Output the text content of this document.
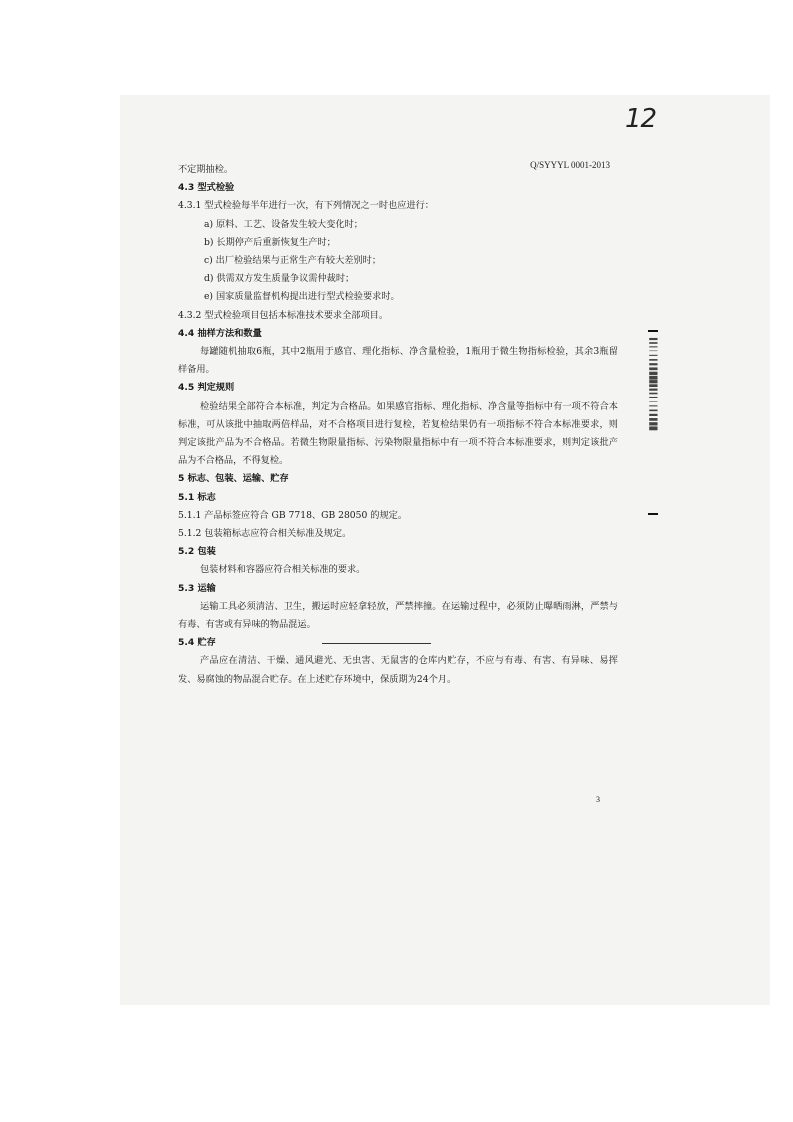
12
Q/SYYYL 0001-2013

不定期抽检。

4.3 型式检验

4.3.1 型式检验每半年进行一次，有下列情况之一时也应进行：

a) 原料、工艺、设备发生较大变化时；

b) 长期停产后重新恢复生产时；

c) 出厂检验结果与正常生产有较大差别时；

d) 供需双方发生质量争议需仲裁时；

e) 国家质量监督机构提出进行型式检验要求时。

4.3.2 型式检验项目包括本标准技术要求全部项目。

4.4 抽样方法和数量

每罐随机抽取6瓶，其中2瓶用于感官、理化指标、净含量检验，1瓶用于微生物指标检验，其余3瓶留样备用。

4.5 判定规则

检验结果全部符合本标准，判定为合格品。如果感官指标、理化指标、净含量等指标中有一项不符合本标准，可从该批中抽取两倍样品，对不合格项目进行复检，若复检结果仍有一项指标不符合本标准要求，则判定该批产品为不合格品。若微生物限量指标、污染物限量指标中有一项不符合本标准要求，则判定该批产品为不合格品，不得复检。

5 标志、包装、运输、贮存

5.1 标志

5.1.1 产品标签应符合 GB 7718、GB 28050 的规定。

5.1.2 包装箱标志应符合相关标准及规定。

5.2 包装

包装材料和容器应符合相关标准的要求。

5.3 运输

运输工具必须清洁、卫生，搬运时应轻拿轻放，严禁摔撞。在运输过程中，必须防止曝晒雨淋，严禁与有毒、有害或有异味的物品混运。

5.4 贮存

产品应在清洁、干燥、通风避光、无虫害、无鼠害的仓库内贮存，不应与有毒、有害、有异味、易挥发、易腐蚀的物品混合贮存。在上述贮存环境中，保质期为24个月。

3
▌▍▎▏▎▍▌▋▊▉▊▋▌▍▎▏▎▍▌▋▊▉
